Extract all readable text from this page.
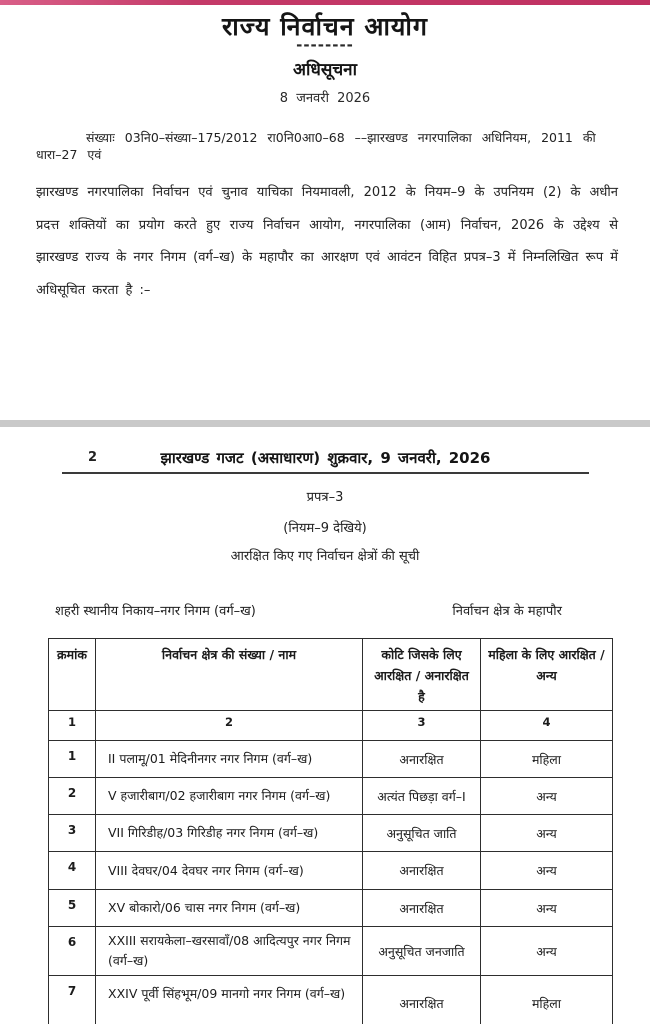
राज्य निर्वाचन आयोग
--------
अधिसूचना
8 जनवरी 2026
संख्याः 03नि0–संख्या–175/2012 रा0नि0आ0–68 ––झारखण्ड नगरपालिका अधिनियम, 2011 की धारा–27 एवं
झारखण्ड नगरपालिका निर्वाचन एवं चुनाव याचिका नियमावली, 2012 के नियम–9 के उपनियम (2) के अधीन प्रदत्त शक्तियों का प्रयोग करते हुए राज्य निर्वाचन आयोग, नगरपालिका (आम) निर्वाचन, 2026 के उद्देश्य से झारखण्ड राज्य के नगर निगम (वर्ग–ख) के महापौर का आरक्षण एवं आवंटन विहित प्रपत्र–3 में निम्नलिखित रूप में अधिसूचित करता है :–
2	झारखण्ड गजट (असाधारण) शुक्रवार, 9 जनवरी, 2026
प्रपत्र–3
(नियम–9 देखिये)
आरक्षित किए गए निर्वाचन क्षेत्रों की सूची
शहरी स्थानीय निकाय–नगर निगम (वर्ग–ख)	निर्वाचन क्षेत्र के महापौर
क्रमांक	निर्वाचन क्षेत्र की संख्या / नाम	कोटि जिसके लिए आरक्षित / अनारक्षित है	महिला के लिए आरक्षित / अन्य
1	2	3	4
1	II पलामू/01 मेदिनीनगर नगर निगम (वर्ग–ख)	अनारक्षित	महिला
2	V हजारीबाग/02 हजारीबाग नगर निगम (वर्ग–ख)	अत्यंत पिछड़ा वर्ग–I	अन्य
3	VII गिरिडीह/03 गिरिडीह नगर निगम (वर्ग–ख)	अनुसूचित जाति	अन्य
4	VIII देवघर/04 देवघर नगर निगम (वर्ग–ख)	अनारक्षित	अन्य
5	XV बोकारो/06 चास नगर निगम (वर्ग–ख)	अनारक्षित	अन्य
6	XXIII सरायकेला–खरसावाँ/08 आदित्यपुर नगर निगम (वर्ग–ख)	अनुसूचित जनजाति	अन्य
7	XXIV पूर्वी सिंहभूम/09 मानगो नगर निगम (वर्ग–ख)	अनारक्षित	महिला
